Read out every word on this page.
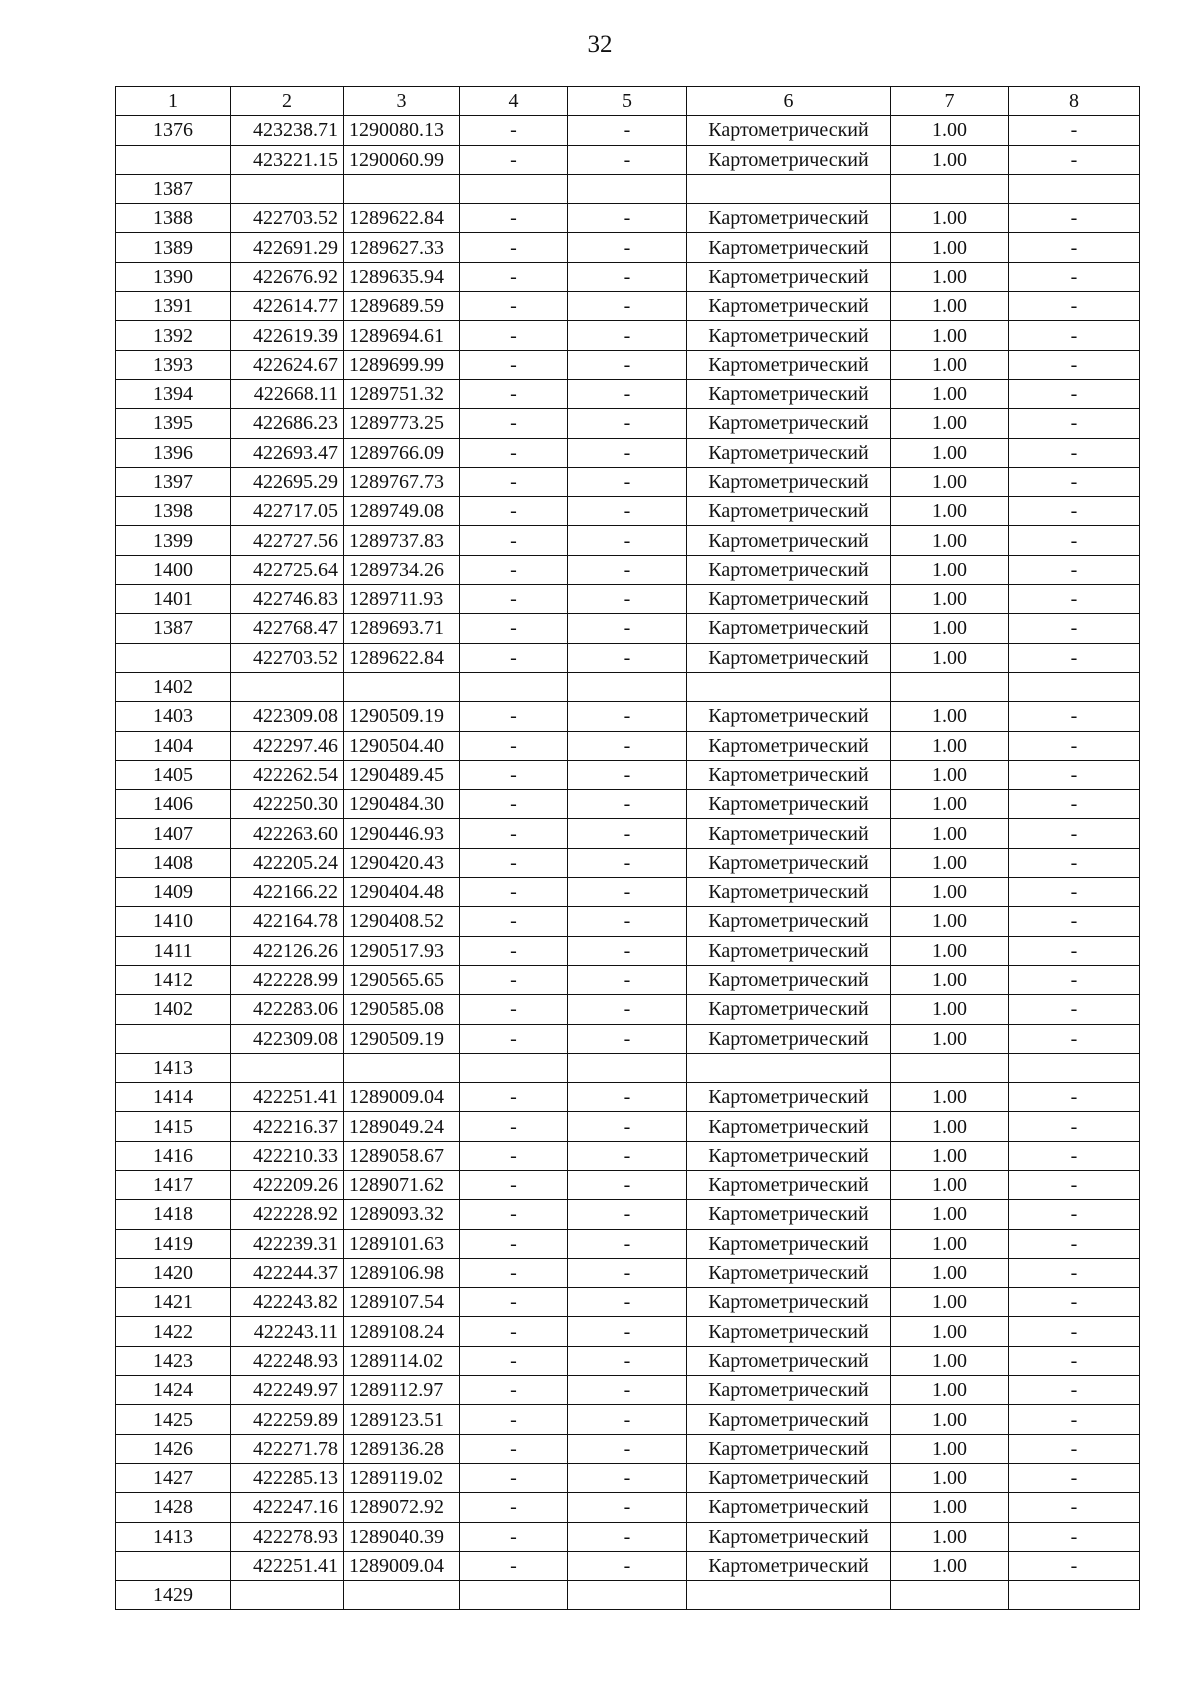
32
1	2	3	4	5	6	7	8
1376	423238.71	1290080.13	-	-	Картометрический	1.00	-
	423221.15	1290060.99	-	-	Картометрический	1.00	-
1387							
1388	422703.52	1289622.84	-	-	Картометрический	1.00	-
1389	422691.29	1289627.33	-	-	Картометрический	1.00	-
1390	422676.92	1289635.94	-	-	Картометрический	1.00	-
1391	422614.77	1289689.59	-	-	Картометрический	1.00	-
1392	422619.39	1289694.61	-	-	Картометрический	1.00	-
1393	422624.67	1289699.99	-	-	Картометрический	1.00	-
1394	422668.11	1289751.32	-	-	Картометрический	1.00	-
1395	422686.23	1289773.25	-	-	Картометрический	1.00	-
1396	422693.47	1289766.09	-	-	Картометрический	1.00	-
1397	422695.29	1289767.73	-	-	Картометрический	1.00	-
1398	422717.05	1289749.08	-	-	Картометрический	1.00	-
1399	422727.56	1289737.83	-	-	Картометрический	1.00	-
1400	422725.64	1289734.26	-	-	Картометрический	1.00	-
1401	422746.83	1289711.93	-	-	Картометрический	1.00	-
1387	422768.47	1289693.71	-	-	Картометрический	1.00	-
	422703.52	1289622.84	-	-	Картометрический	1.00	-
1402							
1403	422309.08	1290509.19	-	-	Картометрический	1.00	-
1404	422297.46	1290504.40	-	-	Картометрический	1.00	-
1405	422262.54	1290489.45	-	-	Картометрический	1.00	-
1406	422250.30	1290484.30	-	-	Картометрический	1.00	-
1407	422263.60	1290446.93	-	-	Картометрический	1.00	-
1408	422205.24	1290420.43	-	-	Картометрический	1.00	-
1409	422166.22	1290404.48	-	-	Картометрический	1.00	-
1410	422164.78	1290408.52	-	-	Картометрический	1.00	-
1411	422126.26	1290517.93	-	-	Картометрический	1.00	-
1412	422228.99	1290565.65	-	-	Картометрический	1.00	-
1402	422283.06	1290585.08	-	-	Картометрический	1.00	-
	422309.08	1290509.19	-	-	Картометрический	1.00	-
1413							
1414	422251.41	1289009.04	-	-	Картометрический	1.00	-
1415	422216.37	1289049.24	-	-	Картометрический	1.00	-
1416	422210.33	1289058.67	-	-	Картометрический	1.00	-
1417	422209.26	1289071.62	-	-	Картометрический	1.00	-
1418	422228.92	1289093.32	-	-	Картометрический	1.00	-
1419	422239.31	1289101.63	-	-	Картометрический	1.00	-
1420	422244.37	1289106.98	-	-	Картометрический	1.00	-
1421	422243.82	1289107.54	-	-	Картометрический	1.00	-
1422	422243.11	1289108.24	-	-	Картометрический	1.00	-
1423	422248.93	1289114.02	-	-	Картометрический	1.00	-
1424	422249.97	1289112.97	-	-	Картометрический	1.00	-
1425	422259.89	1289123.51	-	-	Картометрический	1.00	-
1426	422271.78	1289136.28	-	-	Картометрический	1.00	-
1427	422285.13	1289119.02	-	-	Картометрический	1.00	-
1428	422247.16	1289072.92	-	-	Картометрический	1.00	-
1413	422278.93	1289040.39	-	-	Картометрический	1.00	-
	422251.41	1289009.04	-	-	Картометрический	1.00	-
1429							
